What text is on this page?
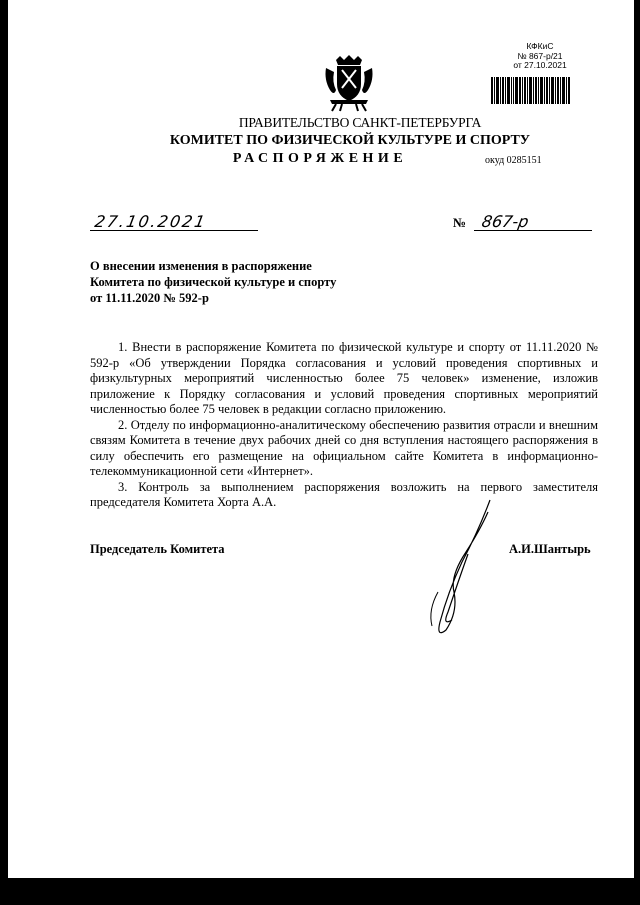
КФКиС
№ 867-р/21
от 27.10.2021
ПРАВИТЕЛЬСТВО САНКТ-ПЕТЕРБУРГА
КОМИТЕТ ПО ФИЗИЧЕСКОЙ КУЛЬТУРЕ И СПОРТУ
РАСПОРЯЖЕНИЕ	окуд 0285151
27.10.2021	№ 867-р
О внесении изменения в распоряжение
Комитета по физической культуре и спорту
от 11.11.2020 № 592-р

1. Внести в распоряжение Комитета по физической культуре и спорту от 11.11.2020 № 592-р «Об утверждении Порядка согласования и условий проведения спортивных и физкультурных мероприятий численностью более 75 человек» изменение, изложив приложение к Порядку согласования и условий проведения спортивных мероприятий численностью более 75 человек в редакции согласно приложению.

2. Отделу по информационно-аналитическому обеспечению развития отрасли и внешним связям Комитета в течение двух рабочих дней со дня вступления настоящего распоряжения в силу обеспечить его размещение на официальном сайте Комитета в информационно-телекоммуникационной сети «Интернет».

3. Контроль за выполнением распоряжения возложить на первого заместителя председателя Комитета Хорта А.А.

Председатель Комитета	А.И.Шантырь
